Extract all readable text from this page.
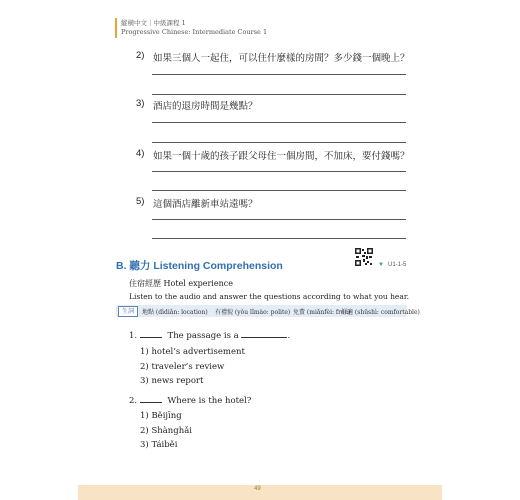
縱橫中文｜中級課程 1
Progressive Chinese: Intermediate Course 1
2) 如果三個人一起住，可以住什麼樣的房間？多少錢一個晚上？
3) 酒店的退房時間是幾點？
4) 如果一個十歲的孩子跟父母住一個房間，不加床，要付錢嗎？
5) 這個酒店離新車站遠嗎？
B. 聽力 Listening Comprehension	▼ U1-1-5
住宿經歷 Hotel experience
Listen to the audio and answer the questions according to what you hear.
生詞	地點 (dìdiǎn: location) 有禮貌 (yǒu lǐmào: polite) 免費 (miǎnfèi: free)
舒適 (shūshì: comfortable)
1.	The passage is a	.
1) hotel’s advertisement
2) traveler’s review
3) news report
2.	Where is the hotel?
1) Běijīng
2) Shànghǎi
3) Táiběi
49
